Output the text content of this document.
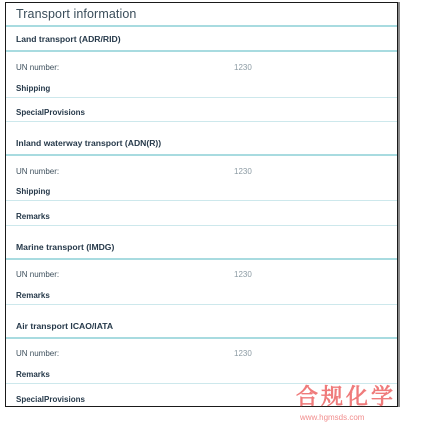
Transport information
Land transport (ADR/RID)
UN number:	1230
Shipping
SpecialProvisions
Inland waterway transport (ADN(R))
UN number:	1230
Shipping
Remarks
Marine transport (IMDG)
UN number:	1230
Remarks
Air transport ICAO/IATA
UN number:	1230
Remarks
SpecialProvisions	合规化学
www.hgmsds.com
